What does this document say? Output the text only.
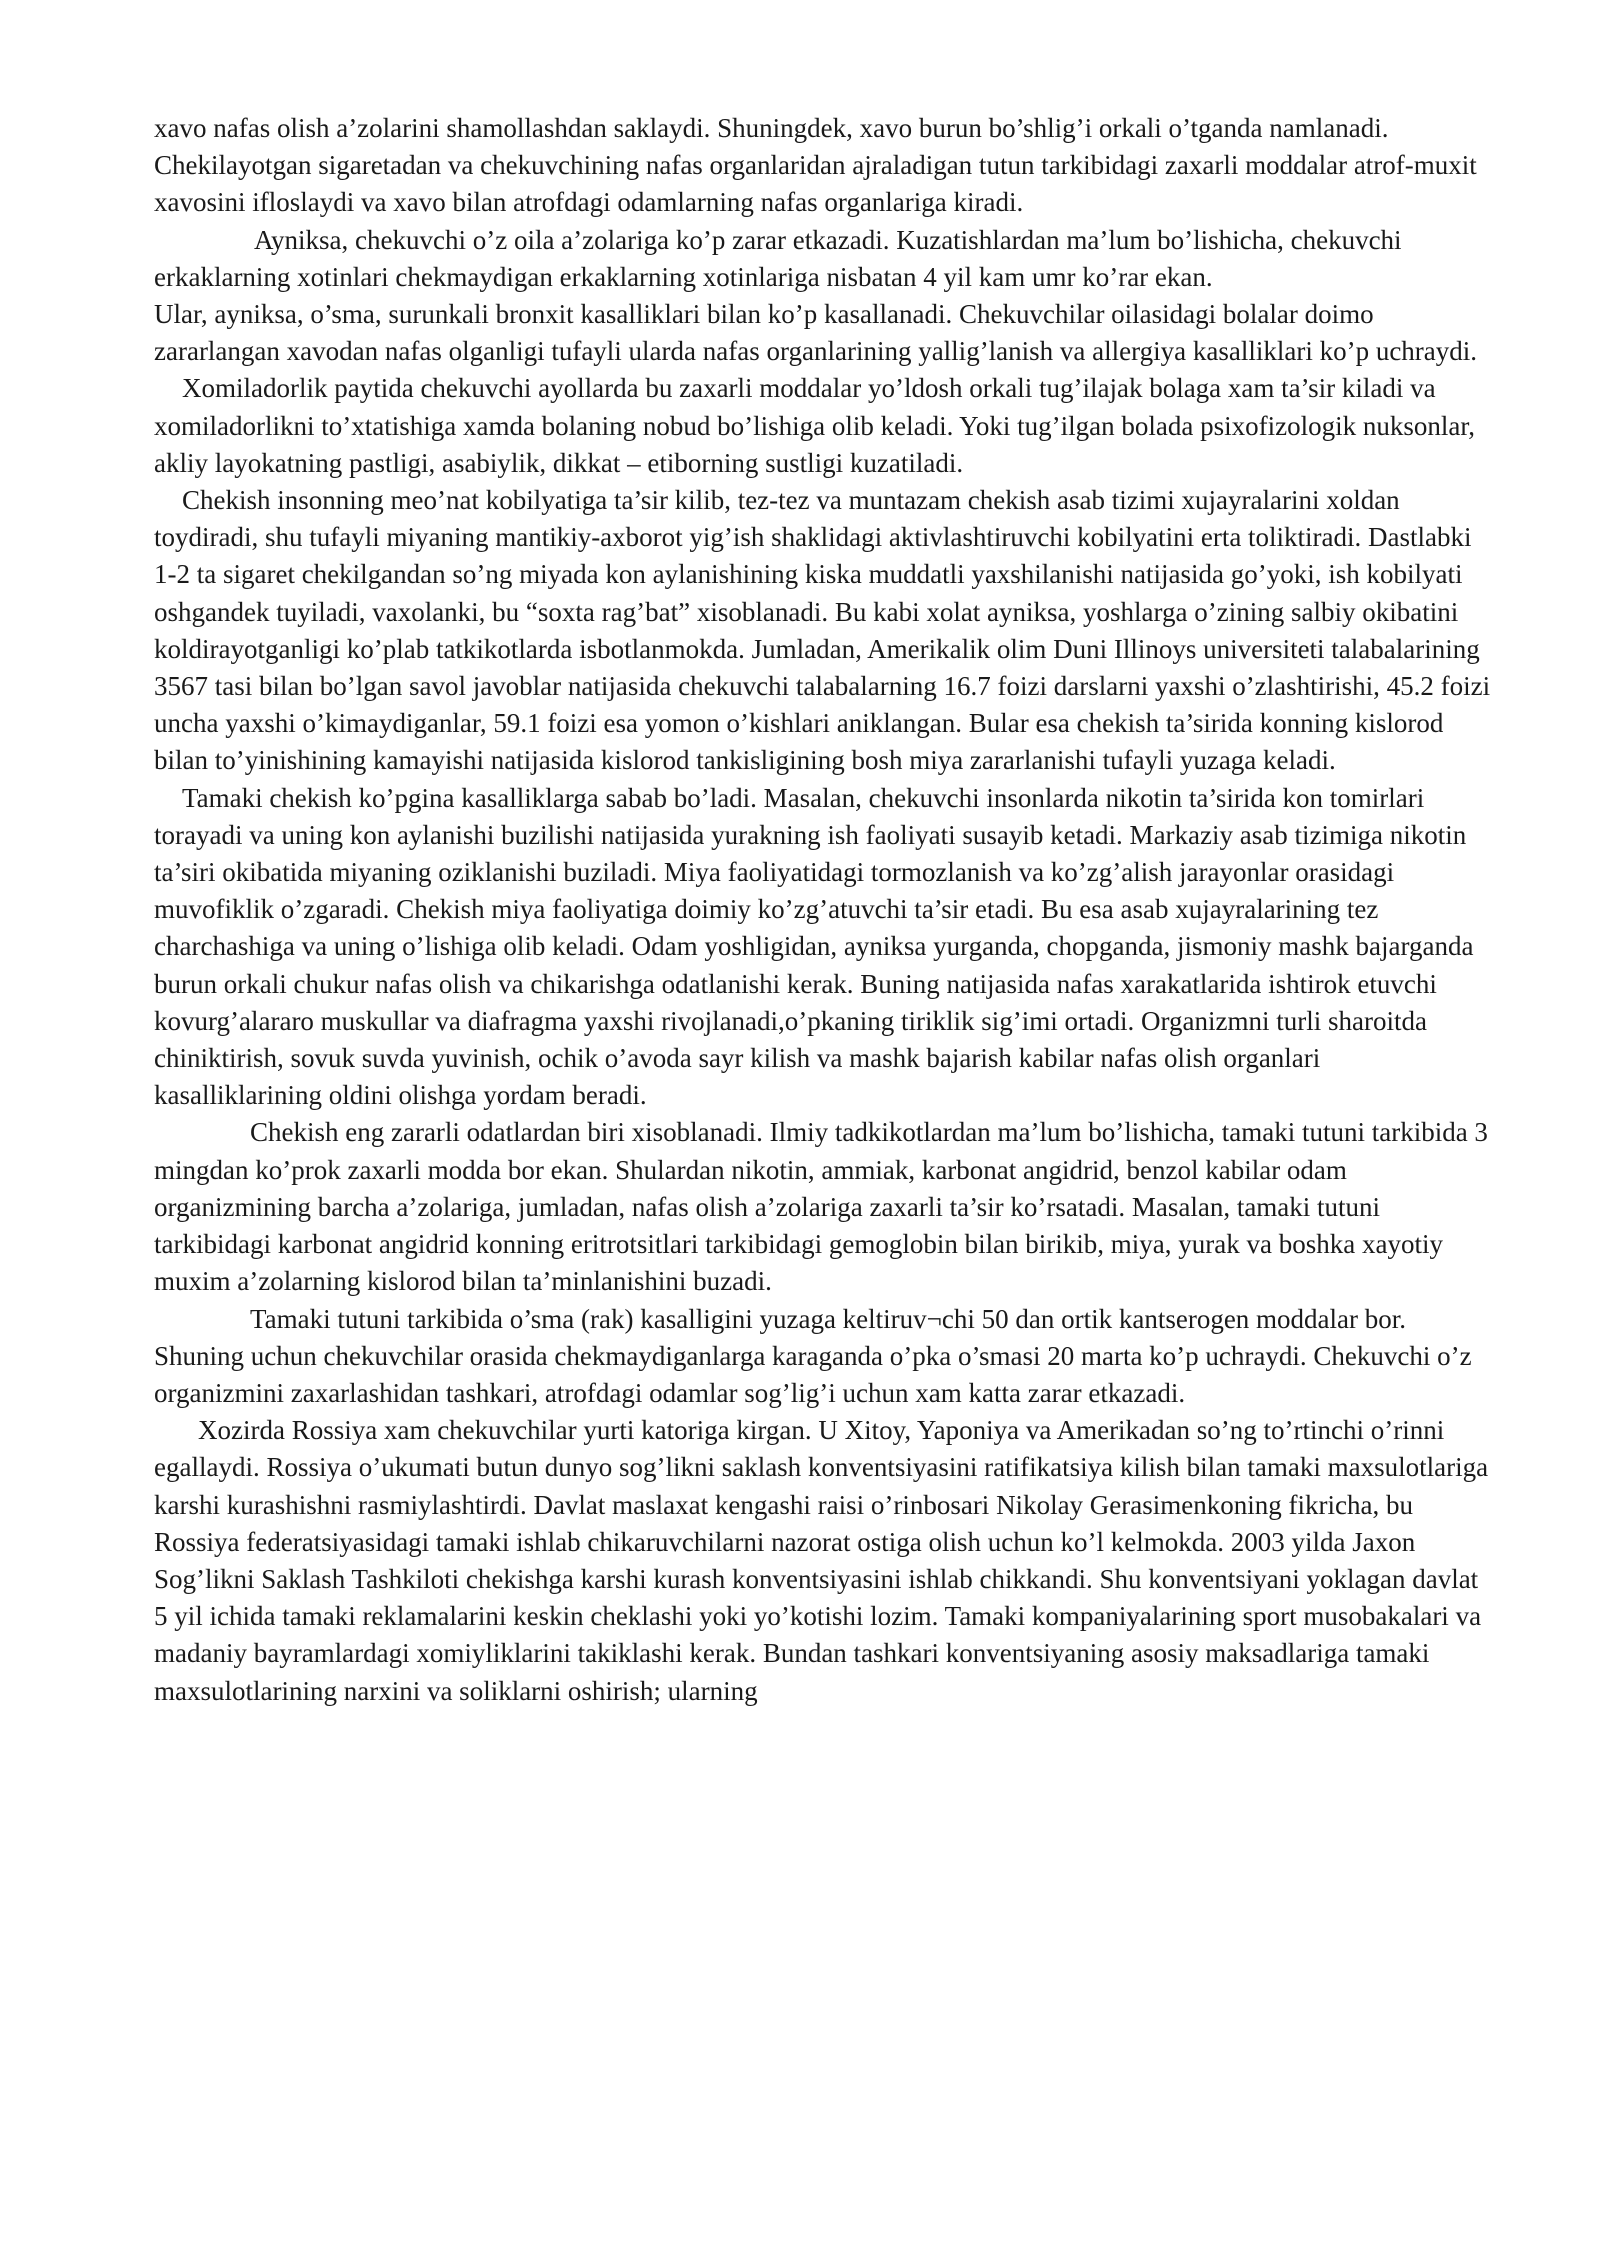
xavo nafas olish a’zolarini shamollashdan saklaydi. Shuningdek, xavo burun bo’shlig’i orkali o’tganda namlanadi.

Chekilayotgan sigaretadan va chekuvchining nafas organlaridan ajraladigan tutun tarkibidagi zaxarli moddalar atrof-muxit xavosini ifloslaydi va xavo bilan atrofdagi odamlarning nafas organlariga kiradi.

Ayniksa, chekuvchi o’z oila a’zolariga ko’p zarar etkazadi. Kuzatishlardan ma’lum bo’lishicha, chekuvchi erkaklarning xotinlari chekmaydigan erkaklarning xotinlariga nisbatan 4 yil kam umr ko’rar ekan.

Ular, ayniksa, o’sma, surunkali bronxit kasalliklari bilan ko’p kasallanadi. Chekuvchilar oilasidagi bolalar doimo zararlangan xavodan nafas olganligi tufayli ularda nafas organlarining yallig’lanish va allergiya kasalliklari ko’p uchraydi.

Xomiladorlik paytida chekuvchi ayollarda bu zaxarli moddalar yo’ldosh orkali tug’ilajak bolaga xam ta’sir kiladi va xomiladorlikni to’xtatishiga xamda bolaning nobud bo’lishiga olib keladi. Yoki tug’ilgan bolada psixofizologik nuksonlar, akliy layokatning pastligi, asabiylik, dikkat – etiborning sustligi kuzatiladi.

Chekish insonning meo’nat kobilyatiga ta’sir kilib, tez-tez va muntazam chekish asab tizimi xujayralarini xoldan toydiradi, shu tufayli miyaning mantikiy-axborot yig’ish shaklidagi aktivlashtiruvchi kobilyatini erta toliktiradi. Dastlabki 1-2 ta sigaret chekilgandan so’ng miyada kon aylanishining kiska muddatli yaxshilanishi natijasida go’yoki, ish kobilyati oshgandek tuyiladi, vaxolanki, bu “soxta rag’bat” xisoblanadi. Bu kabi xolat ayniksa, yoshlarga o’zining salbiy okibatini koldirayotganligi ko’plab tatkikotlarda isbotlanmokda. Jumladan, Amerikalik olim Duni Illinoys universiteti talabalarining 3567 tasi bilan bo’lgan savol javoblar natijasida chekuvchi talabalarning 16.7 foizi darslarni yaxshi o’zlashtirishi, 45.2 foizi uncha yaxshi o’kimaydiganlar, 59.1 foizi esa yomon o’kishlari aniklangan. Bular esa chekish ta’sirida konning kislorod bilan to’yinishining kamayishi natijasida kislorod tankisligining bosh miya zararlanishi tufayli yuzaga keladi.

Tamaki chekish ko’pgina kasalliklarga sabab bo’ladi. Masalan, chekuvchi insonlarda nikotin ta’sirida kon tomirlari torayadi va uning kon aylanishi buzilishi natijasida yurakning ish faoliyati susayib ketadi. Markaziy asab tizimiga nikotin ta’siri okibatida miyaning oziklanishi buziladi. Miya faoliyatidagi tormozlanish va ko’zg’alish jarayonlar orasidagi muvofiklik o’zgaradi. Chekish miya faoliyatiga doimiy ko’zg’atuvchi ta’sir etadi. Bu esa asab xujayralarining tez charchashiga va uning o’lishiga olib keladi. Odam yoshligidan, ayniksa yurganda, chopganda, jismoniy mashk bajarganda burun orkali chukur nafas olish va chikarishga odatlanishi kerak. Buning natijasida nafas xarakatlarida ishtirok etuvchi kovurg’alararo muskullar va diafragma yaxshi rivojlanadi,o’pkaning tiriklik sig’imi ortadi. Organizmni turli sharoitda chiniktirish, sovuk suvda yuvinish, ochik o’avoda sayr kilish va mashk bajarish kabilar nafas olish organlari kasalliklarining oldini olishga yordam beradi.

Chekish eng zararli odatlardan biri xisoblanadi. Ilmiy tadkikotlardan ma’lum bo’lishicha, tamaki tutuni tarkibida 3 mingdan ko’prok zaxarli modda bor ekan. Shulardan nikotin, ammiak, karbonat angidrid, benzol kabilar odam organizmining barcha a’zolariga, jumladan, nafas olish a’zolariga zaxarli ta’sir ko’rsatadi. Masalan, tamaki tutuni tarkibidagi karbonat angidrid konning eritrotsitlari tarkibidagi gemoglobin bilan birikib, miya, yurak va boshka xayotiy muxim a’zolarning kislorod bilan ta’minlanishini buzadi.

Tamaki tutuni tarkibida o’sma (rak) kasalligini yuzaga keltiruv¬chi 50 dan ortik kantserogen moddalar bor. Shuning uchun chekuvchilar orasida chekmaydiganlarga karaganda o’pka o’smasi 20 marta ko’p uchraydi. Chekuvchi o’z organizmini zaxarlashidan tashkari, atrofdagi odamlar sog’lig’i uchun xam katta zarar etkazadi.

Xozirda Rossiya xam chekuvchilar yurti katoriga kirgan. U Xitoy, Yaponiya va Amerikadan so’ng to’rtinchi o’rinni egallaydi. Rossiya o’ukumati butun dunyo sog’likni saklash konventsiyasini ratifikatsiya kilish bilan tamaki maxsulotlariga karshi kurashishni rasmiylashtirdi. Davlat maslaxat kengashi raisi o’rinbosari Nikolay Gerasimenkoning fikricha, bu Rossiya federatsiyasidagi tamaki ishlab chikaruvchilarni nazorat ostiga olish uchun ko’l kelmokda. 2003 yilda Jaxon Sog’likni Saklash Tashkiloti chekishga karshi kurash konventsiyasini ishlab chikkandi. Shu konventsiyani yoklagan davlat 5 yil ichida tamaki reklamalarini keskin cheklashi yoki yo’kotishi lozim. Tamaki kompaniyalarining sport musobakalari va madaniy bayramlardagi xomiyliklarini takiklashi kerak. Bundan tashkari konventsiyaning asosiy maksadlariga tamaki maxsulotlarining narxini va soliklarni oshirish; ularning
